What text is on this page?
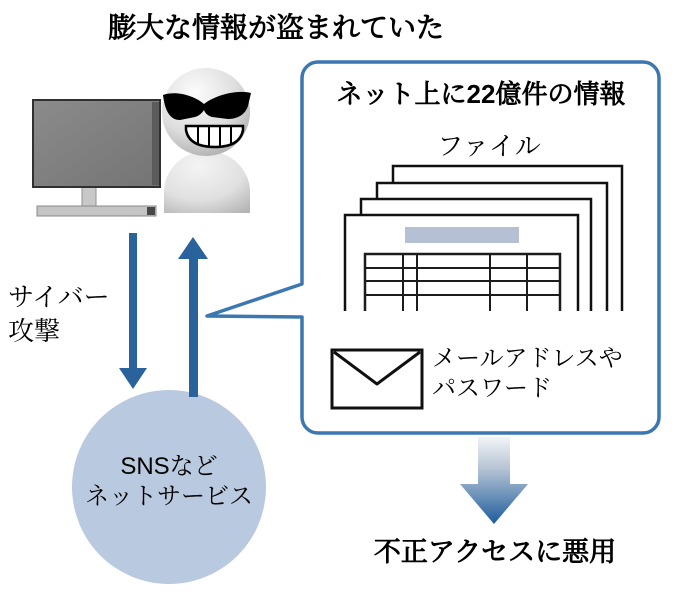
膨大な情報が盗まれていた
サイバー
攻撃
SNSなど
ネットサービス
ネット上に22億件の情報
ファイル
メールアドレスや
パスワード
不正アクセスに悪用
